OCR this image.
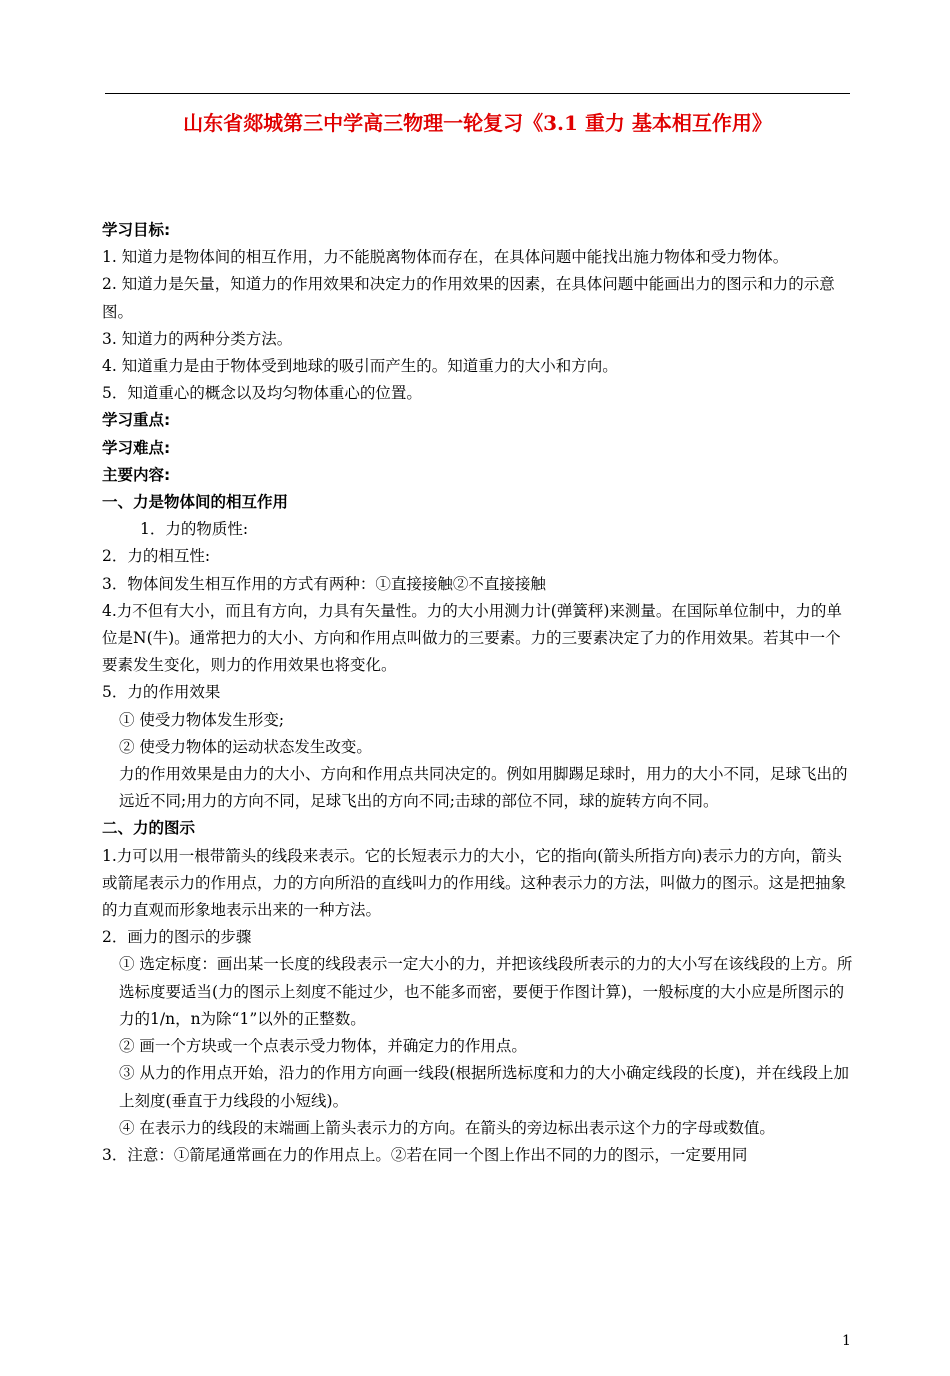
山东省郯城第三中学高三物理一轮复习《3.1 重力 基本相互作用》

学习目标:

1. 知道力是物体间的相互作用，力不能脱离物体而存在，在具体问题中能找出施力物体和受力物体。

2. 知道力是矢量，知道力的作用效果和决定力的作用效果的因素，在具体问题中能画出力的图示和力的示意图。

3. 知道力的两种分类方法。

4. 知道重力是由于物体受到地球的吸引而产生的。知道重力的大小和方向。

5．知道重心的概念以及均匀物体重心的位置。

学习重点:

学习难点:

主要内容:

一、力是物体间的相互作用

1．力的物质性:

2．力的相互性:

3．物体间发生相互作用的方式有两种：①直接接触②不直接接触

4.力不但有大小，而且有方向，力具有矢量性。力的大小用测力计(弹簧秤)来测量。在国际单位制中，力的单位是N(牛)。通常把力的大小、方向和作用点叫做力的三要素。力的三要素决定了力的作用效果。若其中一个要素发生变化，则力的作用效果也将变化。

5．力的作用效果

① 使受力物体发生形变;

② 使受力物体的运动状态发生改变。

力的作用效果是由力的大小、方向和作用点共同决定的。例如用脚踢足球时，用力的大小不同，足球飞出的远近不同;用力的方向不同，足球飞出的方向不同;击球的部位不同，球的旋转方向不同。

二、力的图示

1.力可以用一根带箭头的线段来表示。它的长短表示力的大小，它的指向(箭头所指方向)表示力的方向，箭头或箭尾表示力的作用点，力的方向所沿的直线叫力的作用线。这种表示力的方法，叫做力的图示。这是把抽象的力直观而形象地表示出来的一种方法。

2．画力的图示的步骤

① 选定标度：画出某一长度的线段表示一定大小的力，并把该线段所表示的力的大小写在该线段的上方。所选标度要适当(力的图示上刻度不能过少，也不能多而密，要便于作图计算)，一般标度的大小应是所图示的力的1/n，n为除“1”以外的正整数。

② 画一个方块或一个点表示受力物体，并确定力的作用点。

③ 从力的作用点开始，沿力的作用方向画一线段(根据所选标度和力的大小确定线段的长度)，并在线段上加上刻度(垂直于力线段的小短线)。

④ 在表示力的线段的末端画上箭头表示力的方向。在箭头的旁边标出表示这个力的字母或数值。

3．注意：①箭尾通常画在力的作用点上。②若在同一个图上作出不同的力的图示，一定要用同

1
